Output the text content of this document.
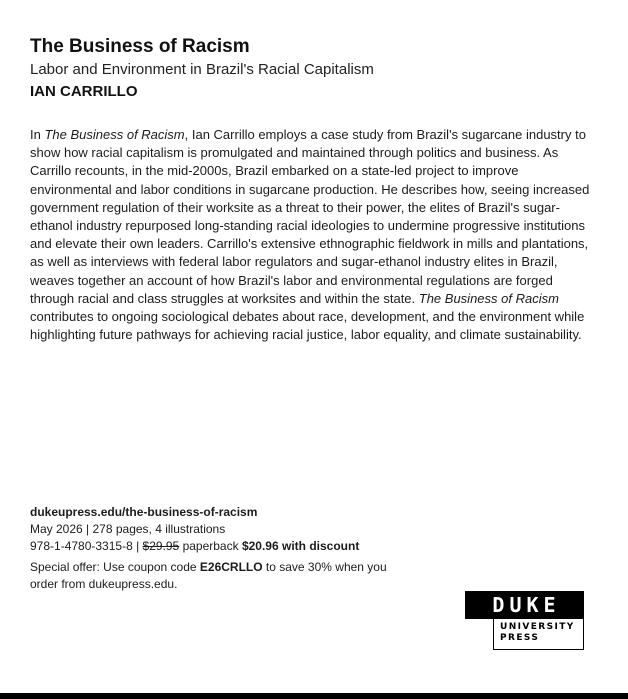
The Business of Racism
Labor and Environment in Brazil's Racial Capitalism
IAN CARRILLO

In The Business of Racism, Ian Carrillo employs a case study from Brazil's sugarcane industry to show how racial capitalism is promulgated and maintained through politics and business. As Carrillo recounts, in the mid-2000s, Brazil embarked on a state-led project to improve environmental and labor conditions in sugarcane production. He describes how, seeing increased government regulation of their worksite as a threat to their power, the elites of Brazil's sugar-ethanol industry repurposed long-standing racial ideologies to undermine progressive institutions and elevate their own leaders. Carrillo's extensive ethnographic fieldwork in mills and plantations, as well as interviews with federal labor regulators and sugar-ethanol industry elites in Brazil, weaves together an account of how Brazil's labor and environmental regulations are forged through racial and class struggles at worksites and within the state. The Business of Racism contributes to ongoing sociological debates about race, development, and the environment while highlighting future pathways for achieving racial justice, labor equality, and climate sustainability.

dukeupress.edu/the-business-of-racism
May 2026 | 278 pages, 4 illustrations
978-1-4780-3315-8 | $29.95 paperback $20.96 with discount
Special offer: Use coupon code E26CRLLO to save 30% when you order from dukeupress.edu.
DUKE
UNIVERSITY
PRESS
